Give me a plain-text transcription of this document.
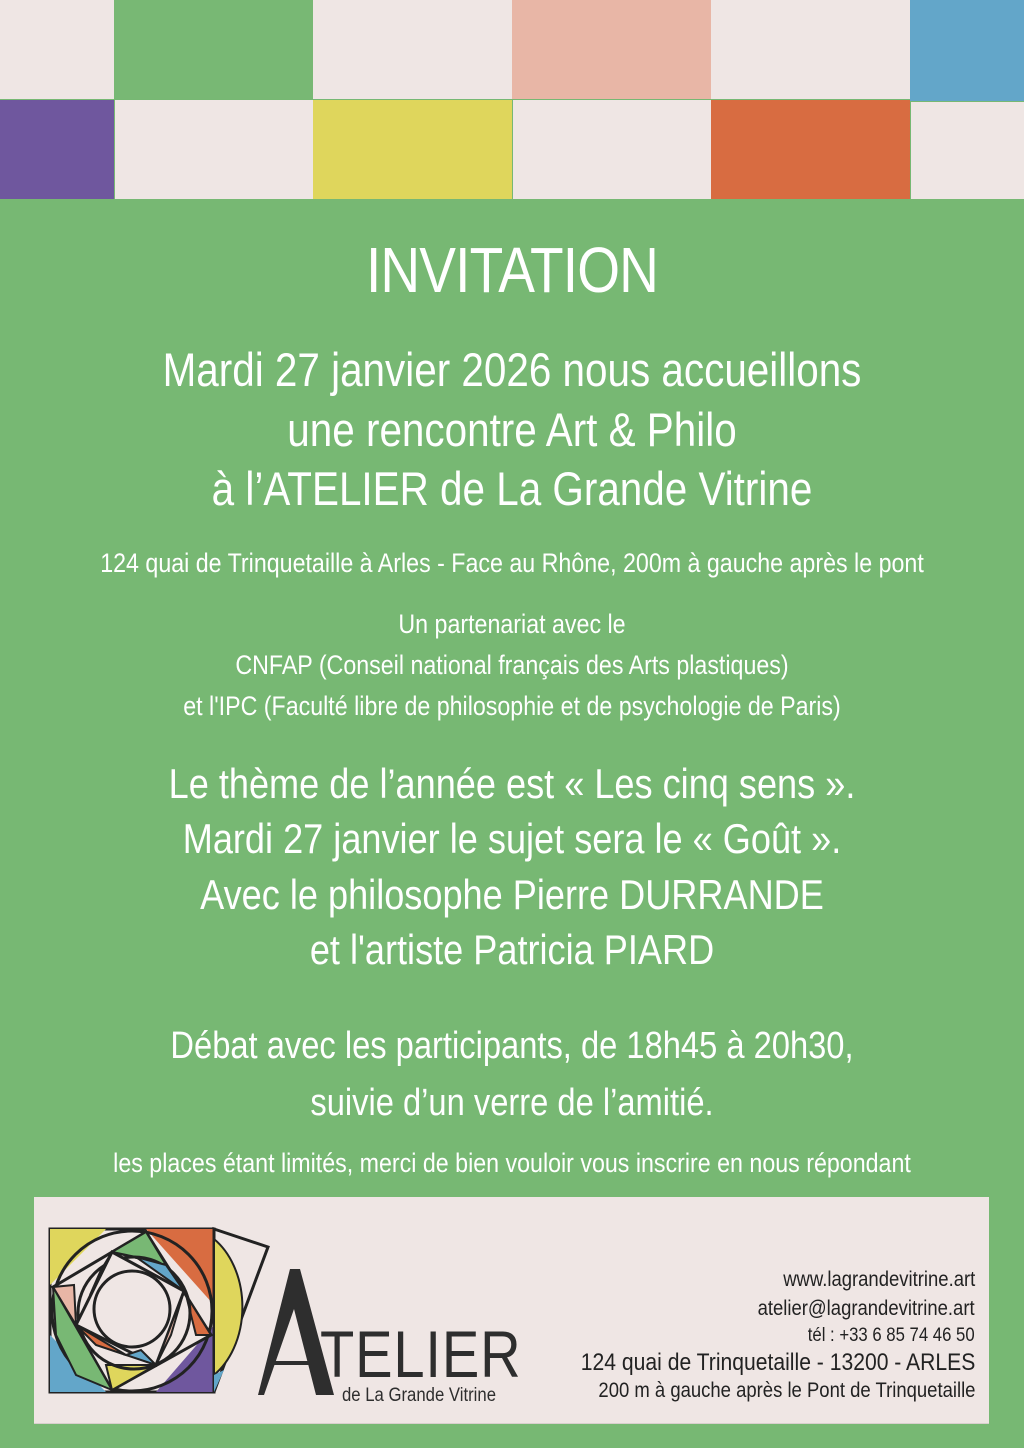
INVITATION
Mardi 27 janvier 2026 nous accueillons
une rencontre Art & Philo
à l’ATELIER de La Grande Vitrine
124 quai de Trinquetaille à Arles - Face au Rhône, 200m à gauche après le pont
Un partenariat avec le
CNFAP (Conseil national français des Arts plastiques)
et l'IPC (Faculté libre de philosophie et de psychologie de Paris)
Le thème de l’année est « Les cinq sens ».
Mardi 27 janvier le sujet sera le « Goût ».
Avec le philosophe Pierre DURRANDE
et l'artiste Patricia PIARD
Débat avec les participants, de 18h45 à 20h30,
suivie d’un verre de l’amitié.
les places étant limités, merci de bien vouloir vous inscrire en nous répondant
TELIER
de La Grande Vitrine
www.lagrandevitrine.art
atelier@lagrandevitrine.art
tél : +33 6 85 74 46 50
124 quai de Trinquetaille - 13200 - ARLES
200 m à gauche après le Pont de Trinquetaille
